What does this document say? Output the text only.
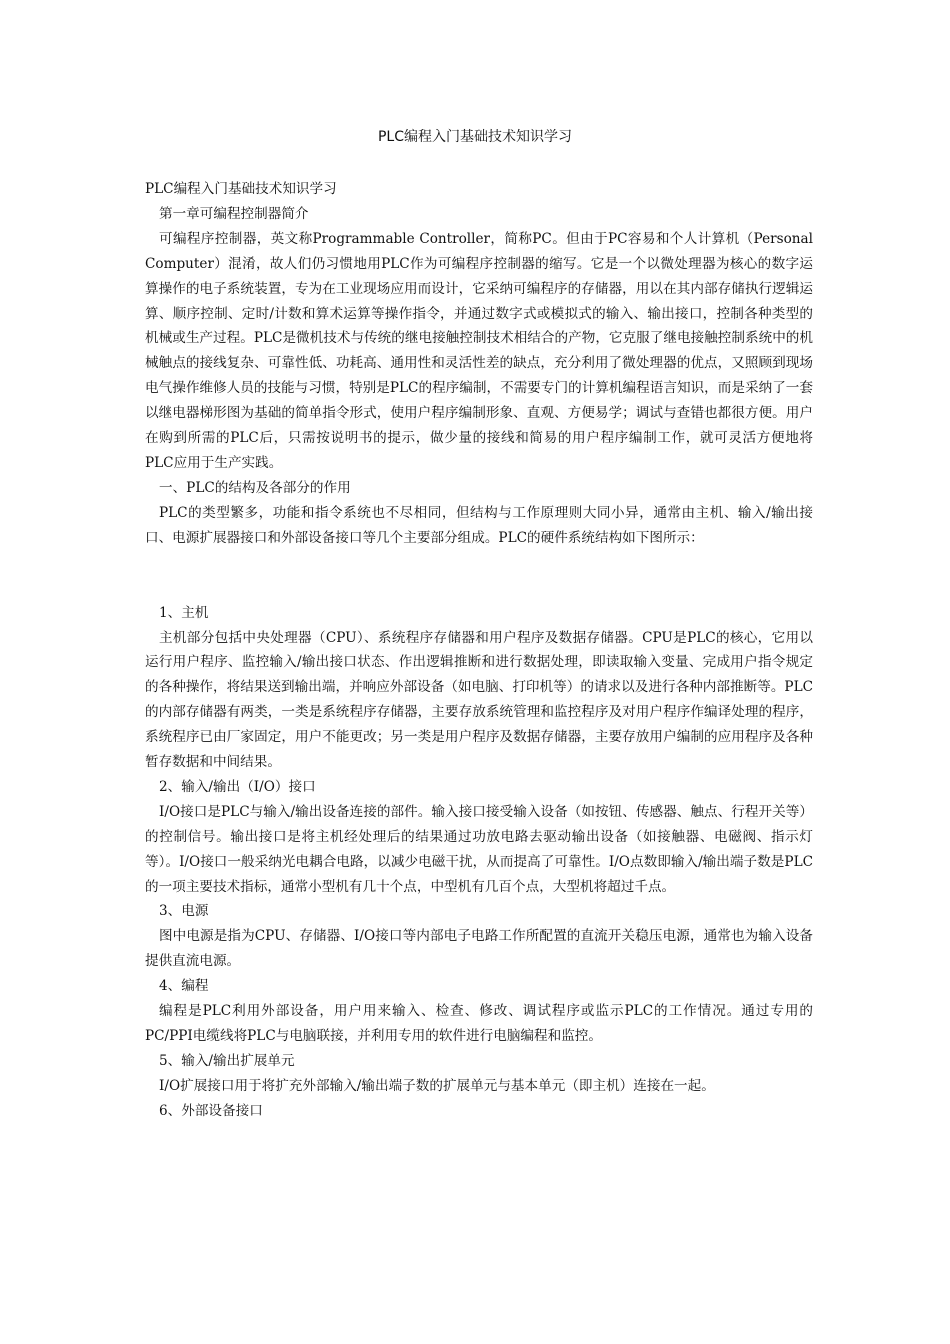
PLC编程入门基础技术知识学习

PLC编程入门基础技术知识学习

第一章可编程控制器简介

可编程序控制器，英文称Programmable Controller，简称PC。但由于PC容易和个人计算机（Personal Computer）混淆，故人们仍习惯地用PLC作为可编程序控制器的缩写。它是一个以微处理器为核心的数字运算操作的电子系统装置，专为在工业现场应用而设计，它采纳可编程序的存储器，用以在其内部存储执行逻辑运算、顺序控制、定时/计数和算术运算等操作指令，并通过数字式或模拟式的输入、输出接口，控制各种类型的机械或生产过程。PLC是微机技术与传统的继电接触控制技术相结合的产物，它克服了继电接触控制系统中的机械触点的接线复杂、可靠性低、功耗高、通用性和灵活性差的缺点，充分利用了微处理器的优点，又照顾到现场电气操作维修人员的技能与习惯，特别是PLC的程序编制，不需要专门的计算机编程语言知识，而是采纳了一套以继电器梯形图为基础的简单指令形式，使用户程序编制形象、直观、方便易学；调试与查错也都很方便。用户在购到所需的PLC后，只需按说明书的提示，做少量的接线和简易的用户程序编制工作，就可灵活方便地将PLC应用于生产实践。

一、PLC的结构及各部分的作用

PLC的类型繁多，功能和指令系统也不尽相同，但结构与工作原理则大同小异，通常由主机、输入/输出接口、电源扩展器接口和外部设备接口等几个主要部分组成。PLC的硬件系统结构如下图所示：

1、主机

主机部分包括中央处理器（CPU）、系统程序存储器和用户程序及数据存储器。CPU是PLC的核心，它用以运行用户程序、监控输入/输出接口状态、作出逻辑推断和进行数据处理，即读取输入变量、完成用户指令规定的各种操作，将结果送到输出端，并响应外部设备（如电脑、打印机等）的请求以及进行各种内部推断等。PLC的内部存储器有两类，一类是系统程序存储器，主要存放系统管理和监控程序及对用户程序作编译处理的程序，系统程序已由厂家固定，用户不能更改；另一类是用户程序及数据存储器，主要存放用户编制的应用程序及各种暂存数据和中间结果。

2、输入/输出（I/O）接口

I/O接口是PLC与输入/输出设备连接的部件。输入接口接受输入设备（如按钮、传感器、触点、行程开关等）的控制信号。输出接口是将主机经处理后的结果通过功放电路去驱动输出设备（如接触器、电磁阀、指示灯等）。I/O接口一般采纳光电耦合电路，以减少电磁干扰，从而提高了可靠性。I/O点数即输入/输出端子数是PLC的一项主要技术指标，通常小型机有几十个点，中型机有几百个点，大型机将超过千点。

3、电源

图中电源是指为CPU、存储器、I/O接口等内部电子电路工作所配置的直流开关稳压电源，通常也为输入设备提供直流电源。

4、编程

编程是PLC利用外部设备，用户用来输入、检查、修改、调试程序或监示PLC的工作情况。通过专用的PC/PPI电缆线将PLC与电脑联接，并利用专用的软件进行电脑编程和监控。

5、输入/输出扩展单元

I/O扩展接口用于将扩充外部输入/输出端子数的扩展单元与基本单元（即主机）连接在一起。

6、外部设备接口
